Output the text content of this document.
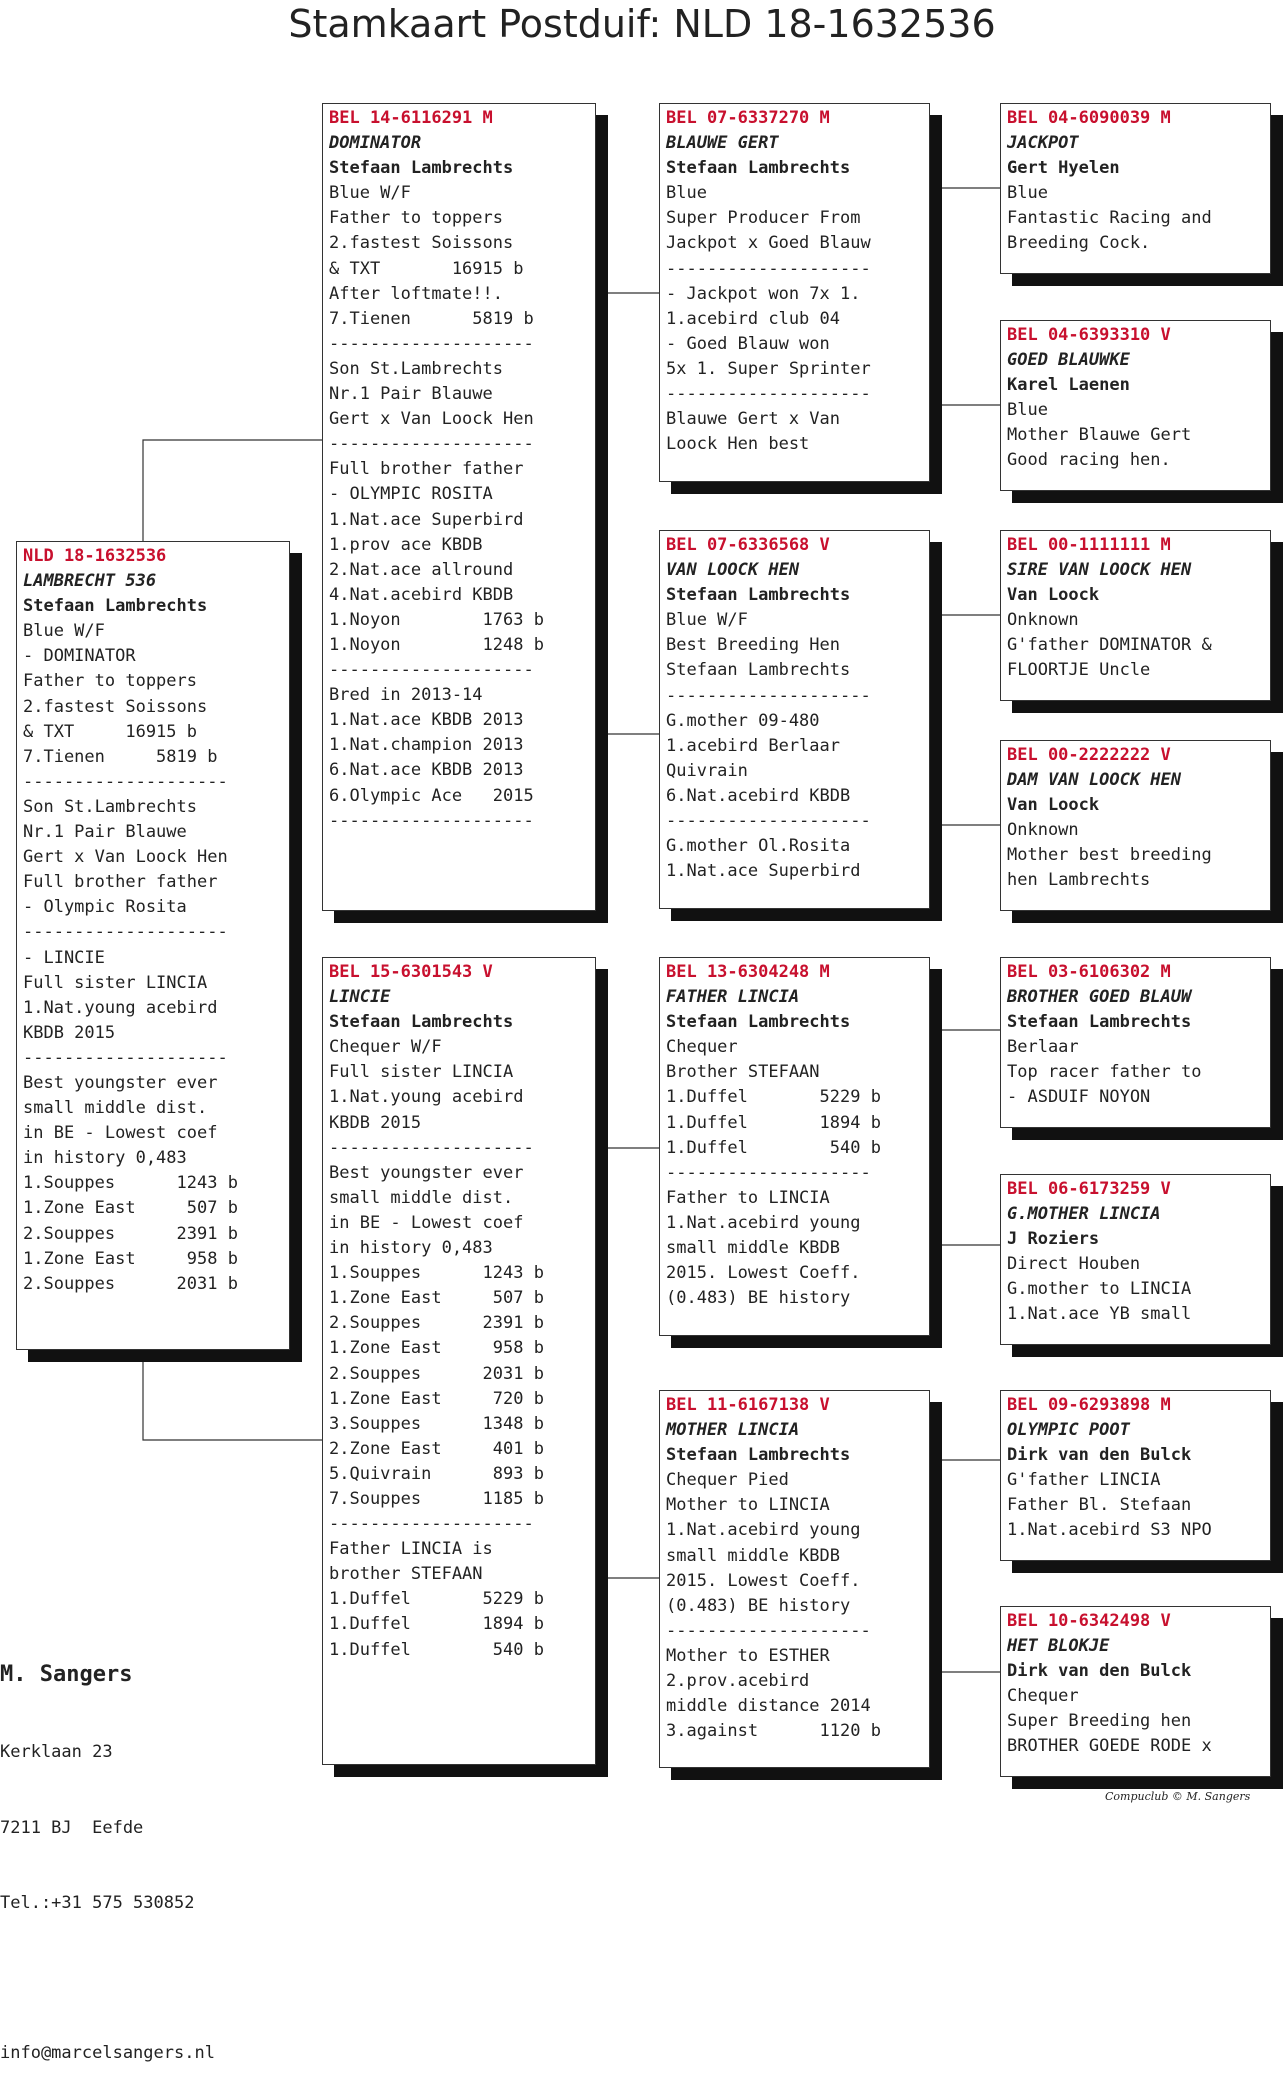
Stamkaart Postduif: NLD 18-1632536
NLD 18-1632536
LAMBRECHT 536
Stefaan Lambrechts
Blue W/F
- DOMINATOR
Father to toppers
2.fastest Soissons
& TXT     16915 b
7.Tienen     5819 b
--------------------
Son St.Lambrechts
Nr.1 Pair Blauwe
Gert x Van Loock Hen
Full brother father
- Olympic Rosita
--------------------
- LINCIE
Full sister LINCIA
1.Nat.young acebird
KBDB 2015
--------------------
Best youngster ever
small middle dist.
in BE - Lowest coef
in history 0,483
1.Souppes      1243 b
1.Zone East     507 b
2.Souppes      2391 b
1.Zone East     958 b
2.Souppes      2031 b
BEL 14-6116291 M
DOMINATOR
Stefaan Lambrechts
Blue W/F
Father to toppers
2.fastest Soissons
& TXT       16915 b
After loftmate!!.
7.Tienen      5819 b
--------------------
Son St.Lambrechts
Nr.1 Pair Blauwe
Gert x Van Loock Hen
--------------------
Full brother father
- OLYMPIC ROSITA
1.Nat.ace Superbird
1.prov ace KBDB
2.Nat.ace allround
4.Nat.acebird KBDB
1.Noyon        1763 b
1.Noyon        1248 b
--------------------
Bred in 2013-14
1.Nat.ace KBDB 2013
1.Nat.champion 2013
6.Nat.ace KBDB 2013
6.Olympic Ace   2015
--------------------
BEL 15-6301543 V
LINCIE
Stefaan Lambrechts
Chequer W/F
Full sister LINCIA
1.Nat.young acebird
KBDB 2015
--------------------
Best youngster ever
small middle dist.
in BE - Lowest coef
in history 0,483
1.Souppes      1243 b
1.Zone East     507 b
2.Souppes      2391 b
1.Zone East     958 b
2.Souppes      2031 b
1.Zone East     720 b
3.Souppes      1348 b
2.Zone East     401 b
5.Quivrain      893 b
7.Souppes      1185 b
--------------------
Father LINCIA is
brother STEFAAN
1.Duffel       5229 b
1.Duffel       1894 b
1.Duffel        540 b
BEL 07-6337270 M
BLAUWE GERT
Stefaan Lambrechts
Blue
Super Producer From
Jackpot x Goed Blauw
--------------------
- Jackpot won 7x 1.
1.acebird club 04
- Goed Blauw won
5x 1. Super Sprinter
--------------------
Blauwe Gert x Van
Loock Hen best
BEL 07-6336568 V
VAN LOOCK HEN
Stefaan Lambrechts
Blue W/F
Best Breeding Hen
Stefaan Lambrechts
--------------------
G.mother 09-480
1.acebird Berlaar
Quivrain
6.Nat.acebird KBDB
--------------------
G.mother Ol.Rosita
1.Nat.ace Superbird
BEL 13-6304248 M
FATHER LINCIA
Stefaan Lambrechts
Chequer
Brother STEFAAN
1.Duffel       5229 b
1.Duffel       1894 b
1.Duffel        540 b
--------------------
Father to LINCIA
1.Nat.acebird young
small middle KBDB
2015. Lowest Coeff.
(0.483) BE history
BEL 11-6167138 V
MOTHER LINCIA
Stefaan Lambrechts
Chequer Pied
Mother to LINCIA
1.Nat.acebird young
small middle KBDB
2015. Lowest Coeff.
(0.483) BE history
--------------------
Mother to ESTHER
2.prov.acebird
middle distance 2014
3.against      1120 b
BEL 04-6090039 M
JACKPOT
Gert Hyelen
Blue
Fantastic Racing and
Breeding Cock.
BEL 04-6393310 V
GOED BLAUWKE
Karel Laenen
Blue
Mother Blauwe Gert
Good racing hen.
BEL 00-1111111 M
SIRE VAN LOOCK HEN
Van Loock
Onknown
G'father DOMINATOR &
FLOORTJE Uncle
BEL 00-2222222 V
DAM VAN LOOCK HEN
Van Loock
Onknown
Mother best breeding
hen Lambrechts
BEL 03-6106302 M
BROTHER GOED BLAUW
Stefaan Lambrechts
Berlaar
Top racer father to
- ASDUIF NOYON
BEL 06-6173259 V
G.MOTHER LINCIA
J Roziers
Direct Houben
G.mother to LINCIA
1.Nat.ace YB small
BEL 09-6293898 M
OLYMPIC POOT
Dirk van den Bulck
G'father LINCIA
Father Bl. Stefaan
1.Nat.acebird S3 NPO
BEL 10-6342498 V
HET BLOKJE
Dirk van den Bulck
Chequer
Super Breeding hen
BROTHER GOEDE RODE x

M. Sangers

Kerklaan 23

7211 BJ  Eefde

Tel.:+31 575 530852

info@marcelsangers.nl

Compuclub © M. Sangers
